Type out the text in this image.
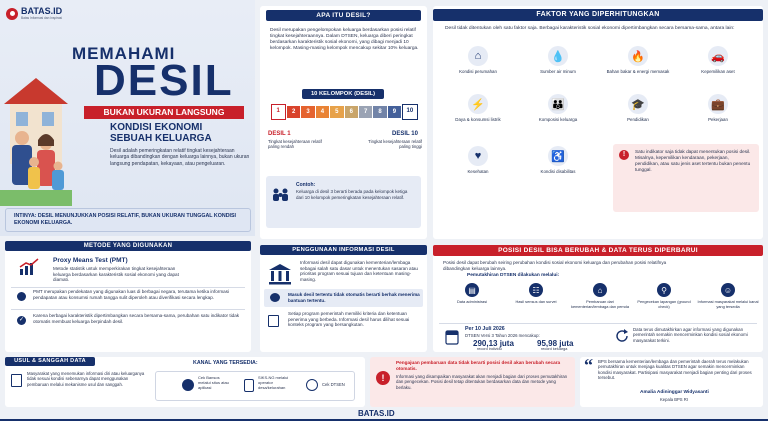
BATAS.ID
Batas Informasi dan Inspirasi
MEMAHAMI
DESIL
BUKAN UKURAN LANGSUNG
KONDISI EKONOMI
SEBUAH KELUARGA
Desil adalah pemeringkatan relatif tingkat kesejahteraan keluarga dibandingkan dengan keluarga lainnya, bukan ukuran langsung pendapatan, kekayaan, atau pengeluaran.
INTINYA: DESIL MENUNJUKKAN POSISI RELATIF, BUKAN UKURAN TUNGGAL KONDISI EKONOMI KELUARGA.
METODE YANG DIGUNAKAN
Proxy Means Test (PMT)
Metode statistik untuk memperkirakan tingkat kesejahteraan keluarga berdasarkan karakteristik sosial ekonomi yang dapat diamati.
PMT merupakan pendekatan yang digunakan luas di berbagai negara, terutama ketika informasi pendapatan atau konsumsi rumah tangga sulit diperoleh atau diverifikasi secara lengkap.
✓
Karena berbagai karakteristik dipertimbangkan secara bersama-sama, perubahan satu indikator tidak otomatis membuat keluarga berpindah desil.
USUL & SANGGAH DATA
Masyarakat yang menemukan informasi diri atau keluarganya tidak sesuai kondisi sebenarnya dapat menggunakan pembaruan melalui mekanisme usul dan sanggah.
KANAL YANG TERSEDIA:
Cek Bansos melalui situs atau aplikasi
SIKS-NG melalui operator desa/kelurahan
Cek DTSEN
APA ITU DESIL?
Desil merupakan pengelompokan keluarga berdasarkan posisi relatif tingkat kesejahteraannya. Dalam DTSEN, keluarga diberi peringkat berdasarkan karakteristik sosial ekonomi, yang dibagi menjadi 10 kelompok. Masing-masing kelompok mencakup sekitar 10% keluarga.
10 KELOMPOK (DESIL)
1	2	3	4	5	6	7	8	9	10
DESIL 1
Tingkat kesejahteraan relatif paling rendah
DESIL 10
Tingkat kesejahteraan relatif paling tinggi
Contoh:
Keluarga di desil 3 berarti berada pada kelompok ketiga dari 10 kelompok pemeringkatan kesejahteraan relatif.
PENGGUNAAN INFORMASI DESIL
Informasi desil dapat digunakan kementerian/lembaga sebagai salah satu dasar untuk menentukan sasaran atau prioritas program sesuai tujuan dan ketentuan masing-masing.
Masuk desil tertentu tidak otomatis berarti berhak menerima bantuan tertentu.
Setiap program pemerintah memiliki kriteria dan ketentuan penerima yang berbeda. Informasi desil harus dilihat sesuai konteks program yang bersangkutan.
FAKTOR YANG DIPERHITUNGKAN
Desil tidak ditentukan oleh satu faktor saja. Berbagai karakteristik sosial ekonomi dipertimbangkan secara bersama-sama, antara lain:
⌂
Kondisi perumahan
💧
Sumber air minum
🔥
Bahan bakar & energi memasak
🚗
Kepemilikan aset
⚡
Daya & konsumsi listrik
👪
Komposisi keluarga
🎓
Pendidikan
💼
Pekerjaan
♥
Kesehatan
♿
Kondisi disabilitas
!	Satu indikator saja tidak dapat menentukan posisi desil. Misalnya, kepemilikan kendaraan, pekerjaan, pendidikan, atau satu jenis aset tertentu bukan penentu tunggal.
POSISI DESIL BISA BERUBAH & DATA TERUS DIPERBARUI
Posisi desil dapat berubah seiring perubahan kondisi sosial ekonomi keluarga dan perubahan posisi relatifnya dibandingkan keluarga lainnya.
Pemutakhiran DTSEN dilakukan melalui:
▤
Data administrasi
☷
Hasil sensus dan survei
⌂
Pembaruan dari kementerian/lembaga dan pemda
⚲
Pengecekan lapangan (ground check)
☺
Informasi masyarakat melalui kanal yang tersedia
Per 10 Juli 2026
DTSEN Versi 3 Tahun 2026 mencakup:
290,13 juta
record individu
95,98 juta
record keluarga
Data terus dimutakhirkan agar informasi yang digunakan pemerintah semakin mencerminkan kondisi sosial ekonomi masyarakat terkini.
!
Pengajuan pembaruan data tidak berarti posisi desil akan berubah secara otomatis.
Informasi yang disampaikan masyarakat akan menjadi bagian dari proses pemutakhiran dan pengecekan. Posisi desil tetap ditentukan berdasarkan data dan metode yang berlaku.
“ BPS bersama kementerian/lembaga dan pemerintah daerah terus melakukan pemutakhiran untuk menjaga kualitas DTSEN agar semakin mencerminkan kondisi masyarakat. Partisipasi masyarakat menjadi bagian penting dari proses tersebut.
Amalia Adininggar Widyasanti
Kepala BPS RI
BATAS.ID
